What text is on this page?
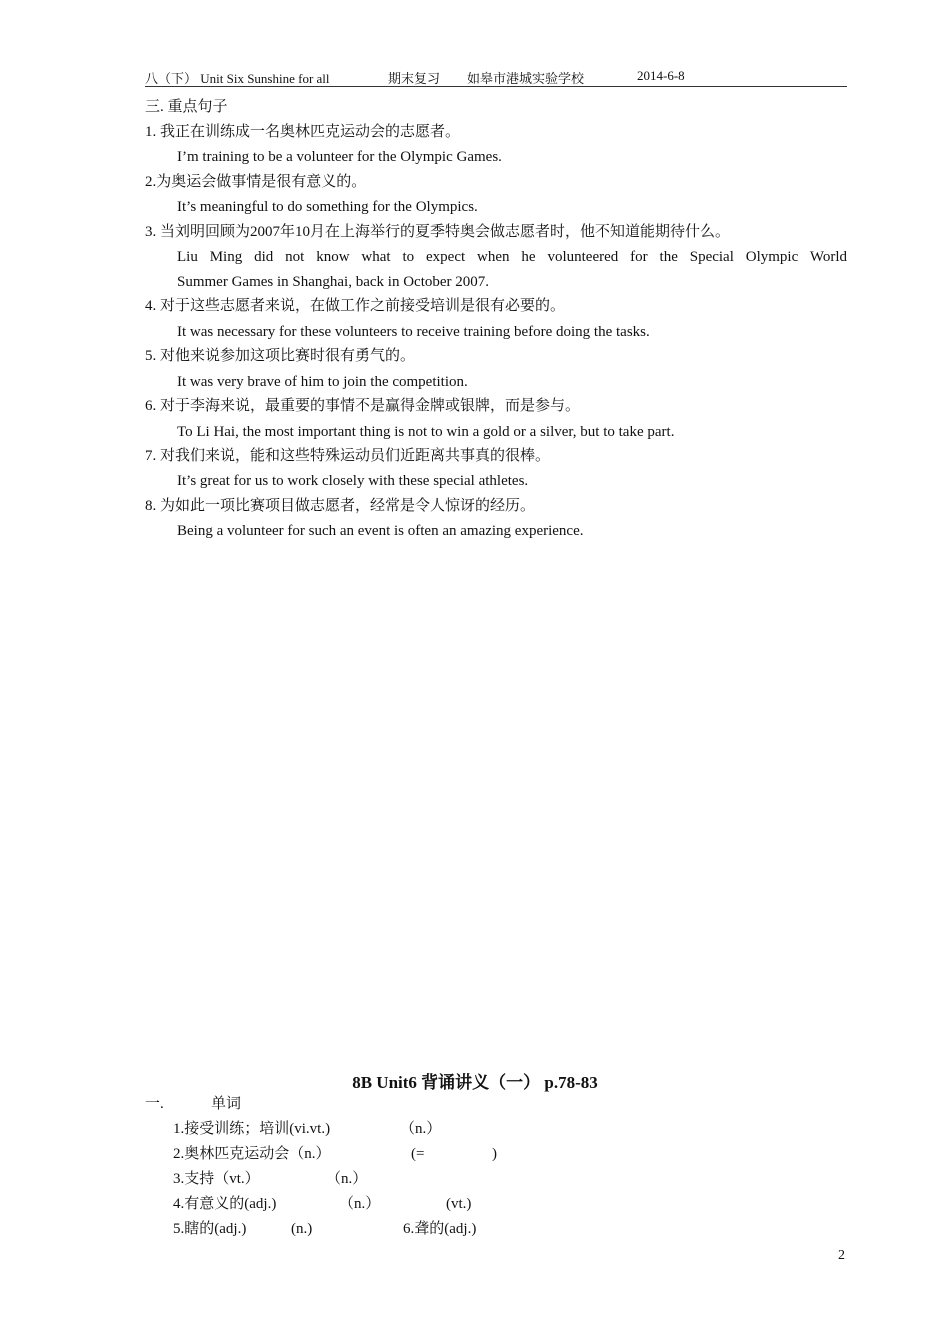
八（下） Unit Six Sunshine for all	期末复习 如皋市港城实验学校	2014-6-8
三. 重点句子
1. 我正在训练成一名奥林匹克运动会的志愿者。
I’m training to be a volunteer for the Olympic Games.
2.为奥运会做事情是很有意义的。
It’s meaningful to do something for the Olympics.
3. 当刘明回顾为2007年10月在上海举行的夏季特奥会做志愿者时，他不知道能期待什么。
Liu Ming did not know what to expect when he volunteered for the Special Olympic World
Summer Games in Shanghai, back in October 2007.
4. 对于这些志愿者来说，在做工作之前接受培训是很有必要的。
It was necessary for these volunteers to receive training before doing the tasks.
5. 对他来说参加这项比赛时很有勇气的。
It was very brave of him to join the competition.
6. 对于李海来说，最重要的事情不是赢得金牌或银牌，而是参与。
To Li Hai, the most important thing is not to win a gold or a silver, but to take part.
7. 对我们来说，能和这些特殊运动员们近距离共事真的很棒。
It’s great for us to work closely with these special athletes.
8. 为如此一项比赛项目做志愿者，经常是令人惊讶的经历。
Being a volunteer for such an event is often an amazing experience.
8B Unit6 背诵讲义（一） p.78-83
一.	单词
1.接受训练；培训(vi.vt.)	（n.）
2.奥林匹克运动会（n.）	(=	)
3.支持（vt.）	（n.）
4.有意义的(adj.)	（n.）	(vt.)
5.瞎的(adj.)	(n.)	6.聋的(adj.)
2
